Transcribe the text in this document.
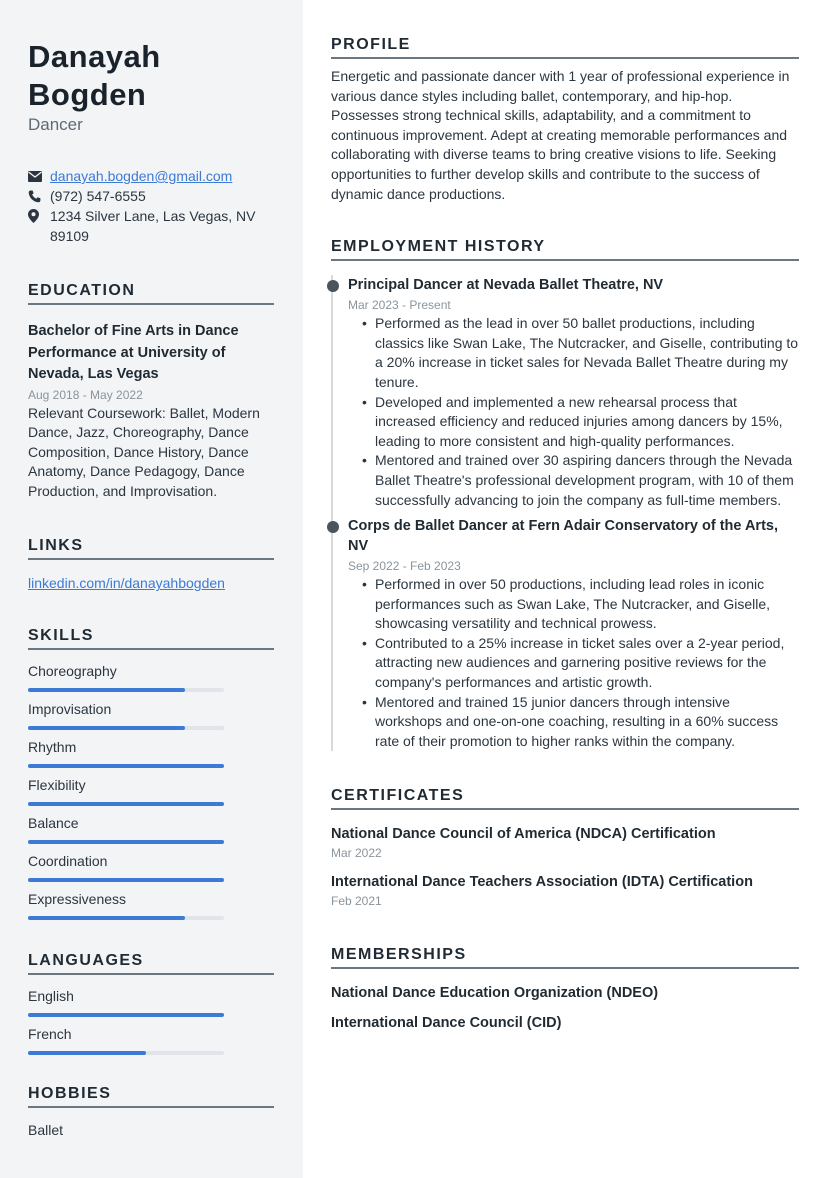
Danayah
Bogden
Dancer
danayah.bogden@gmail.com
(972) 547-6555
1234 Silver Lane, Las Vegas, NV
89109
EDUCATION
Bachelor of Fine Arts in Dance Performance at University of Nevada, Las Vegas
Aug 2018 - May 2022
Relevant Coursework: Ballet, Modern Dance, Jazz, Choreography, Dance Composition, Dance History, Dance Anatomy, Dance Pedagogy, Dance Production, and Improvisation.
LINKS
linkedin.com/in/danayahbogden
SKILLS
Choreography
Improvisation
Rhythm
Flexibility
Balance
Coordination
Expressiveness
LANGUAGES
English
French
HOBBIES
Ballet
PROFILE

Energetic and passionate dancer with 1 year of professional experience in various dance styles including ballet, contemporary, and hip-hop. Possesses strong technical skills, adaptability, and a commitment to continuous improvement. Adept at creating memorable performances and collaborating with diverse teams to bring creative visions to life. Seeking opportunities to further develop skills and contribute to the success of dynamic dance productions.

EMPLOYMENT HISTORY
Principal Dancer at Nevada Ballet Theatre, NV
Mar 2023 - Present
• Performed as the lead in over 50 ballet productions, including classics like Swan Lake, The Nutcracker, and Giselle, contributing to a 20% increase in ticket sales for Nevada Ballet Theatre during my tenure.
• Developed and implemented a new rehearsal process that increased efficiency and reduced injuries among dancers by 15%, leading to more consistent and high-quality performances.
• Mentored and trained over 30 aspiring dancers through the Nevada Ballet Theatre's professional development program, with 10 of them successfully advancing to join the company as full-time members.
Corps de Ballet Dancer at Fern Adair Conservatory of the Arts, NV
Sep 2022 - Feb 2023
• Performed in over 50 productions, including lead roles in iconic performances such as Swan Lake, The Nutcracker, and Giselle, showcasing versatility and technical prowess.
• Contributed to a 25% increase in ticket sales over a 2-year period, attracting new audiences and garnering positive reviews for the company's performances and artistic growth.
• Mentored and trained 15 junior dancers through intensive workshops and one-on-one coaching, resulting in a 60% success rate of their promotion to higher ranks within the company.
CERTIFICATES
National Dance Council of America (NDCA) Certification
Mar 2022
International Dance Teachers Association (IDTA) Certification
Feb 2021
MEMBERSHIPS
National Dance Education Organization (NDEO)
International Dance Council (CID)
